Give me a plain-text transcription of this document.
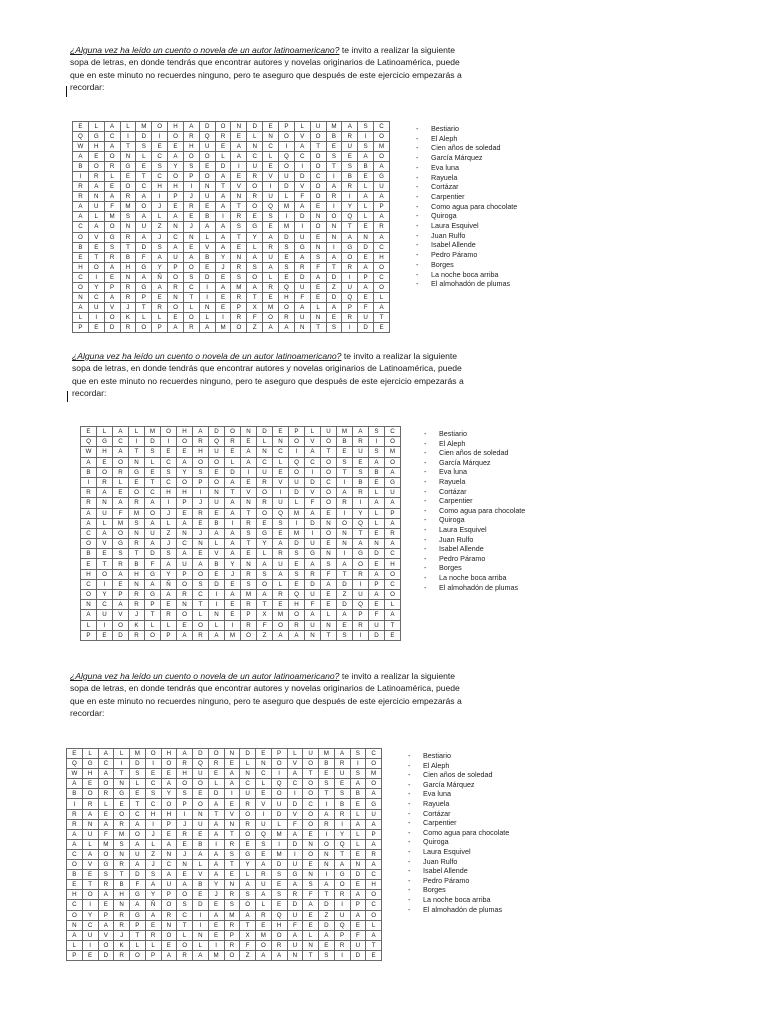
¿Alguna vez ha leído un cuento o novela de un autor latinoamericano? te invito a realizar la siguiente
sopa de letras, en donde tendrás que encontrar autores y novelas originarios de Latinoamérica, puede
que en este minuto no recuerdes ninguno, pero te aseguro que después de este ejercicio empezarás a
recordar:
E	L	A	L	M	O	H	A	D	O	N	D	E	P	L	U	M	A	S	C
Q	G	C	I	D	I	O	R	Q	R	E	L	N	O	V	O	B	R	I	O
W	H	A	T	S	E	E	H	U	E	A	N	C	I	A	T	E	U	S	M
A	E	O	N	L	C	A	O	O	L	A	C	L	Q	C	O	S	E	A	O
B	O	R	G	E	S	Y	S	E	D	I	U	E	O	I	O	T	S	B	A
I	R	L	E	T	C	O	P	O	A	E	R	V	U	D	C	I	B	E	G
R	A	E	O	C	H	H	I	N	T	V	O	I	D	V	O	A	R	L	U
R	N	A	R	A	I	P	J	U	A	N	R	U	L	F	O	R	I	A	A
A	U	F	M	O	J	E	R	E	A	T	O	Q	M	A	E	I	Y	L	P
A	L	M	S	A	L	A	E	B	I	R	E	S	I	D	N	O	Q	L	A
C	A	O	N	U	Z	N	J	A	A	S	G	E	M	I	O	N	T	E	R
O	V	G	R	A	J	C	N	L	A	T	Y	A	D	U	E	N	A	N	A
B	E	S	T	D	S	A	E	V	A	E	L	R	S	G	N	I	G	D	C
E	T	R	B	F	A	U	A	B	Y	N	A	U	E	A	S	A	O	E	H
H	O	A	H	G	Y	P	O	E	J	R	S	A	S	R	F	T	R	A	O
C	I	E	N	A	Ñ	O	S	D	E	S	O	L	E	D	A	D	I	P	C
O	Y	P	R	G	A	R	C	I	A	M	A	R	Q	U	E	Z	U	A	O
N	C	A	R	P	E	N	T	I	E	R	T	E	H	F	E	D	Q	E	L
A	U	V	J	T	R	O	L	N	E	P	X	M	O	A	L	A	P	F	A
L	I	O	K	L	L	E	O	L	I	R	F	O	R	U	N	E	R	U	T
P	E	D	R	O	P	A	R	A	M	O	Z	A	A	N	T	S	I	D	E
-	Bestiario
-	El Aleph
-	Cien años de soledad
-	García Márquez
-	Eva luna
-	Rayuela
-	Cortázar
-	Carpentier
-	Como agua para chocolate
-	Quiroga
-	Laura Esquivel
-	Juan Rulfo
-	Isabel Allende
-	Pedro Páramo
-	Borges
-	La noche boca arriba
-	El almohadón de plumas
¿Alguna vez ha leído un cuento o novela de un autor latinoamericano? te invito a realizar la siguiente
sopa de letras, en donde tendrás que encontrar autores y novelas originarios de Latinoamérica, puede
que en este minuto no recuerdes ninguno, pero te aseguro que después de este ejercicio empezarás a
recordar:
E	L	A	L	M	O	H	A	D	O	N	D	E	P	L	U	M	A	S	C
Q	G	C	I	D	I	O	R	Q	R	E	L	N	O	V	O	B	R	I	O
W	H	A	T	S	E	E	H	U	E	A	N	C	I	A	T	E	U	S	M
A	E	O	N	L	C	A	O	O	L	A	C	L	Q	C	O	S	E	A	O
B	O	R	G	E	S	Y	S	E	D	I	U	E	O	I	O	T	S	B	A
I	R	L	E	T	C	O	P	O	A	E	R	V	U	D	C	I	B	E	G
R	A	E	O	C	H	H	I	N	T	V	O	I	D	V	O	A	R	L	U
R	N	A	R	A	I	P	J	U	A	N	R	U	L	F	O	R	I	A	A
A	U	F	M	O	J	E	R	E	A	T	O	Q	M	A	E	I	Y	L	P
A	L	M	S	A	L	A	E	B	I	R	E	S	I	D	N	O	Q	L	A
C	A	O	N	U	Z	N	J	A	A	S	G	E	M	I	O	N	T	E	R
O	V	G	R	A	J	C	N	L	A	T	Y	A	D	U	E	N	A	N	A
B	E	S	T	D	S	A	E	V	A	E	L	R	S	G	N	I	G	D	C
E	T	R	B	F	A	U	A	B	Y	N	A	U	E	A	S	A	O	E	H
H	O	A	H	G	Y	P	O	E	J	R	S	A	S	R	F	T	R	A	O
C	I	E	N	A	Ñ	O	S	D	E	S	O	L	E	D	A	D	I	P	C
O	Y	P	R	G	A	R	C	I	A	M	A	R	Q	U	E	Z	U	A	O
N	C	A	R	P	E	N	T	I	E	R	T	E	H	F	E	D	Q	E	L
A	U	V	J	T	R	O	L	N	E	P	X	M	O	A	L	A	P	F	A
L	I	O	K	L	L	E	O	L	I	R	F	O	R	U	N	E	R	U	T
P	E	D	R	O	P	A	R	A	M	O	Z	A	A	N	T	S	I	D	E
-	Bestiario
-	El Aleph
-	Cien años de soledad
-	García Márquez
-	Eva luna
-	Rayuela
-	Cortázar
-	Carpentier
-	Como agua para chocolate
-	Quiroga
-	Laura Esquivel
-	Juan Rulfo
-	Isabel Allende
-	Pedro Páramo
-	Borges
-	La noche boca arriba
-	El almohadón de plumas
¿Alguna vez ha leído un cuento o novela de un autor latinoamericano? te invito a realizar la siguiente
sopa de letras, en donde tendrás que encontrar autores y novelas originarios de Latinoamérica, puede
que en este minuto no recuerdes ninguno, pero te aseguro que después de este ejercicio empezarás a
recordar:
E	L	A	L	M	O	H	A	D	O	N	D	E	P	L	U	M	A	S	C
Q	G	C	I	D	I	O	R	Q	R	E	L	N	O	V	O	B	R	I	O
W	H	A	T	S	E	E	H	U	E	A	N	C	I	A	T	E	U	S	M
A	E	O	N	L	C	A	O	O	L	A	C	L	Q	C	O	S	E	A	O
B	O	R	G	E	S	Y	S	E	D	I	U	E	O	I	O	T	S	B	A
I	R	L	E	T	C	O	P	O	A	E	R	V	U	D	C	I	B	E	G
R	A	E	O	C	H	H	I	N	T	V	O	I	D	V	O	A	R	L	U
R	N	A	R	A	I	P	J	U	A	N	R	U	L	F	O	R	I	A	A
A	U	F	M	O	J	E	R	E	A	T	O	Q	M	A	E	I	Y	L	P
A	L	M	S	A	L	A	E	B	I	R	E	S	I	D	N	O	Q	L	A
C	A	O	N	U	Z	N	J	A	A	S	G	E	M	I	O	N	T	E	R
O	V	G	R	A	J	C	N	L	A	T	Y	A	D	U	E	N	A	N	A
B	E	S	T	D	S	A	E	V	A	E	L	R	S	G	N	I	G	D	C
E	T	R	B	F	A	U	A	B	Y	N	A	U	E	A	S	A	O	E	H
H	O	A	H	G	Y	P	O	E	J	R	S	A	S	R	F	T	R	A	O
C	I	E	N	A	Ñ	O	S	D	E	S	O	L	E	D	A	D	I	P	C
O	Y	P	R	G	A	R	C	I	A	M	A	R	Q	U	E	Z	U	A	O
N	C	A	R	P	E	N	T	I	E	R	T	E	H	F	E	D	Q	E	L
A	U	V	J	T	R	O	L	N	E	P	X	M	O	A	L	A	P	F	A
L	I	O	K	L	L	E	O	L	I	R	F	O	R	U	N	E	R	U	T
P	E	D	R	O	P	A	R	A	M	O	Z	A	A	N	T	S	I	D	E
-	Bestiario
-	El Aleph
-	Cien años de soledad
-	García Márquez
-	Eva luna
-	Rayuela
-	Cortázar
-	Carpentier
-	Como agua para chocolate
-	Quiroga
-	Laura Esquivel
-	Juan Rulfo
-	Isabel Allende
-	Pedro Páramo
-	Borges
-	La noche boca arriba
-	El almohadón de plumas
